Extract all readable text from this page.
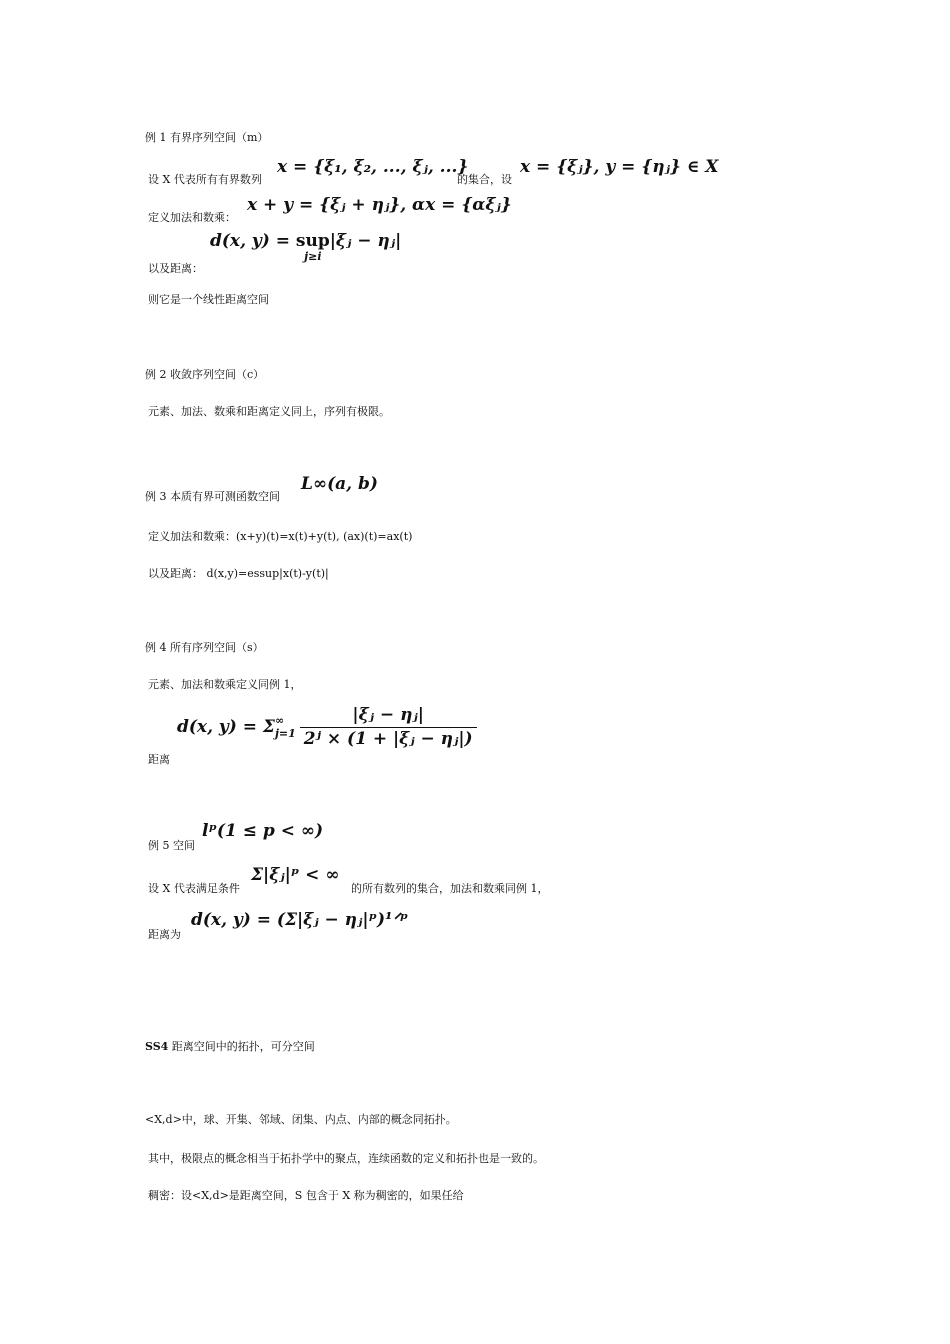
例 1 有界序列空间（m）
设 X 代表所有有界数列
x = {ξ₁, ξ₂, ..., ξⱼ, ...}
的集合，设
x = {ξⱼ}, y = {ηⱼ} ∈ X
定义加法和数乘：
x + y = {ξⱼ + ηⱼ}, αx = {αξⱼ}
d(x, y) = sup
j≥i
|ξⱼ − ηⱼ|
以及距离：
则它是一个线性距离空间
例 2 收敛序列空间（c）
元素、加法、数乘和距离定义同上，序列有极限。
例 3 本质有界可测函数空间
L∞(a, b)
定义加法和数乘：(x+y)(t)=x(t)+y(t), (ax)(t)=ax(t)
以及距离： d(x,y)=essup|x(t)-y(t)|
例 4 所有序列空间（s）
元素、加法和数乘定义同例 1，
d(x, y) = Σ ∞
$j=1 \frac{\text{|ξⱼ − ηⱼ|}}{\text{2ʲ × (1 + |ξⱼ − ηⱼ|)}}$
距离
例 5 空间
lᵖ(1 ≤ p < ∞)
设 X 代表满足条件
Σ|ξⱼ|ᵖ < ∞
的所有数列的集合，加法和数乘同例 1，
距离为
d(x, y) = (Σ|ξⱼ − ηⱼ|ᵖ)¹ᐟᵖ
SS4 距离空间中的拓扑，可分空间
<X,d>中，球、开集、邻域、闭集、内点、内部的概念同拓扑。
其中，极限点的概念相当于拓扑学中的聚点，连续函数的定义和拓扑也是一致的。
稠密：设<X,d>是距离空间，S 包含于 X 称为稠密的，如果任给
